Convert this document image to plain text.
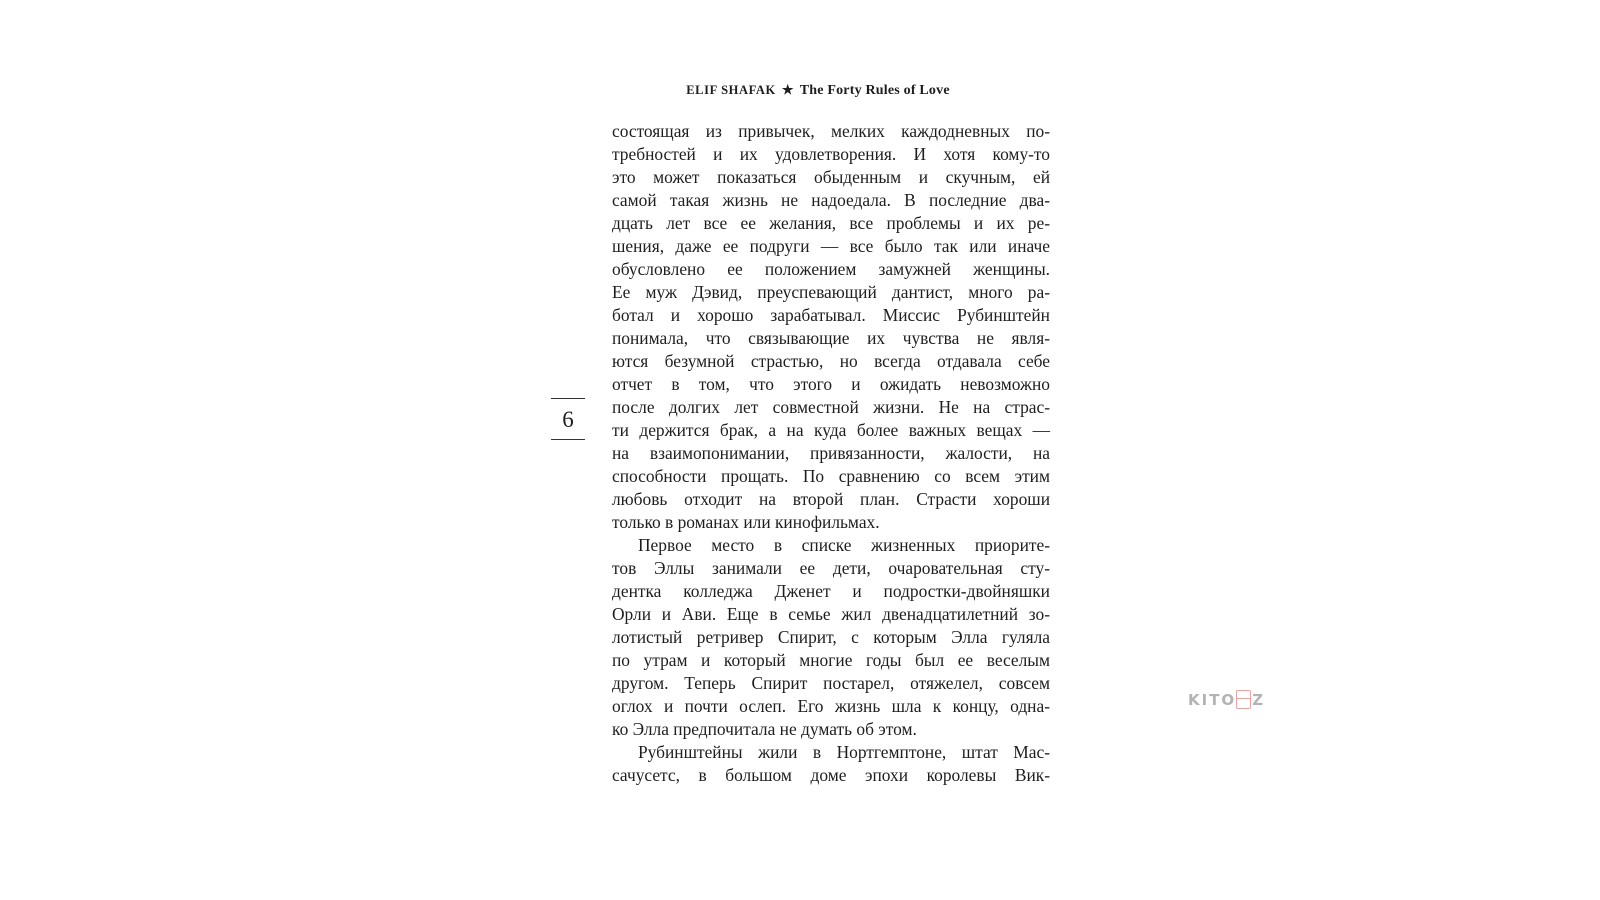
ELIF SHAFAK ★ The Forty Rules of Love
6
состоящая из привычек, мелких каждодневных по-
требностей и их удовлетворения. И хотя кому-то
это может показаться обыденным и скучным, ей
самой такая жизнь не надоедала. В последние два-
дцать лет все ее желания, все проблемы и их ре-
шения, даже ее подруги — все было так или иначе
обусловлено ее положением замужней женщины.
Ее муж Дэвид, преуспевающий дантист, много ра-
ботал и хорошо зарабатывал. Миссис Рубинштейн
понимала, что связывающие их чувства не явля-
ются безумной страстью, но всегда отдавала себе
отчет в том, что этого и ожидать невозможно
после долгих лет совместной жизни. Не на страс-
ти держится брак, а на куда более важных вещах —
на взаимопонимании, привязанности, жалости, на
способности прощать. По сравнению со всем этим
любовь отходит на второй план. Страсти хороши
только в романах или кинофильмах.
Первое место в списке жизненных приорите-
тов Эллы занимали ее дети, очаровательная сту-
дентка колледжа Дженет и подростки-двойняшки
Орли и Ави. Еще в семье жил двенадцатилетний зо-
лотистый ретривер Спирит, с которым Элла гуляла
по утрам и который многие годы был ее веселым
другом. Теперь Спирит постарел, отяжелел, совсем
оглох и почти ослеп. Его жизнь шла к концу, одна-
ко Элла предпочитала не думать об этом.
Рубинштейны жили в Нортгемптоне, штат Мас-
сачусетс, в большом доме эпохи королевы Вик-
KITO Z
